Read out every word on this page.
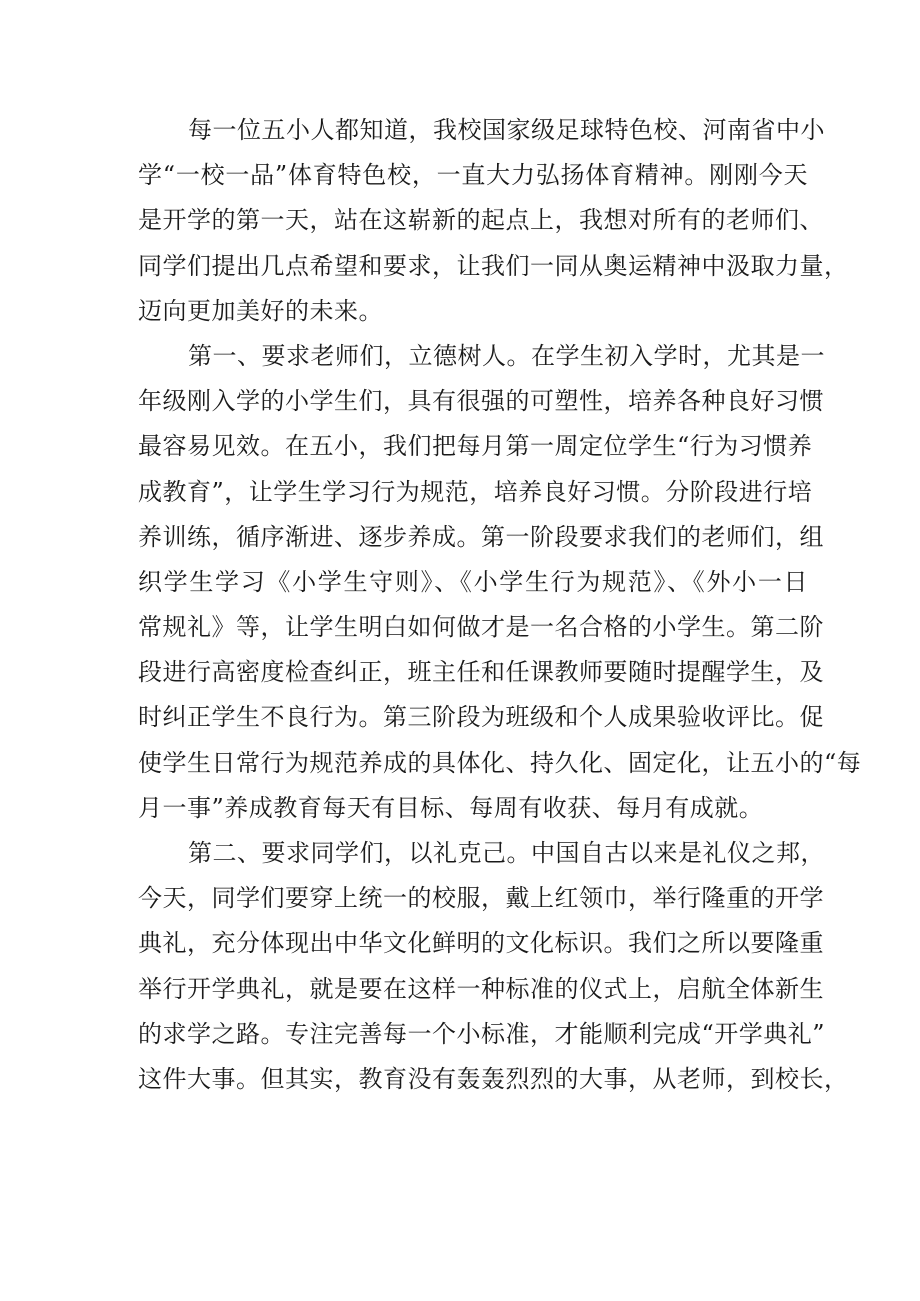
每一位五小人都知道，我校国家级足球特色校、河南省中小
学“一校一品”体育特色校，一直大力弘扬体育精神。刚刚今天
是开学的第一天，站在这崭新的起点上，我想对所有的老师们、
同学们提出几点希望和要求，让我们一同从奥运精神中汲取力量，
迈向更加美好的未来。
第一、要求老师们，立德树人。在学生初入学时，尤其是一
年级刚入学的小学生们，具有很强的可塑性，培养各种良好习惯
最容易见效。在五小，我们把每月第一周定位学生“行为习惯养
成教育”，让学生学习行为规范，培养良好习惯。分阶段进行培
养训练，循序渐进、逐步养成。第一阶段要求我们的老师们，组
织学生学习《小学生守则》、《小学生行为规范》、《外小一日
常规礼》等，让学生明白如何做才是一名合格的小学生。第二阶
段进行高密度检查纠正，班主任和任课教师要随时提醒学生，及
时纠正学生不良行为。第三阶段为班级和个人成果验收评比。促
使学生日常行为规范养成的具体化、持久化、固定化，让五小的“每
月一事”养成教育每天有目标、每周有收获、每月有成就。
第二、要求同学们，以礼克己。中国自古以来是礼仪之邦，
今天，同学们要穿上统一的校服，戴上红领巾，举行隆重的开学
典礼，充分体现出中华文化鲜明的文化标识。我们之所以要隆重
举行开学典礼，就是要在这样一种标准的仪式上，启航全体新生
的求学之路。专注完善每一个小标准，才能顺利完成“开学典礼”
这件大事。但其实，教育没有轰轰烈烈的大事，从老师，到校长，
